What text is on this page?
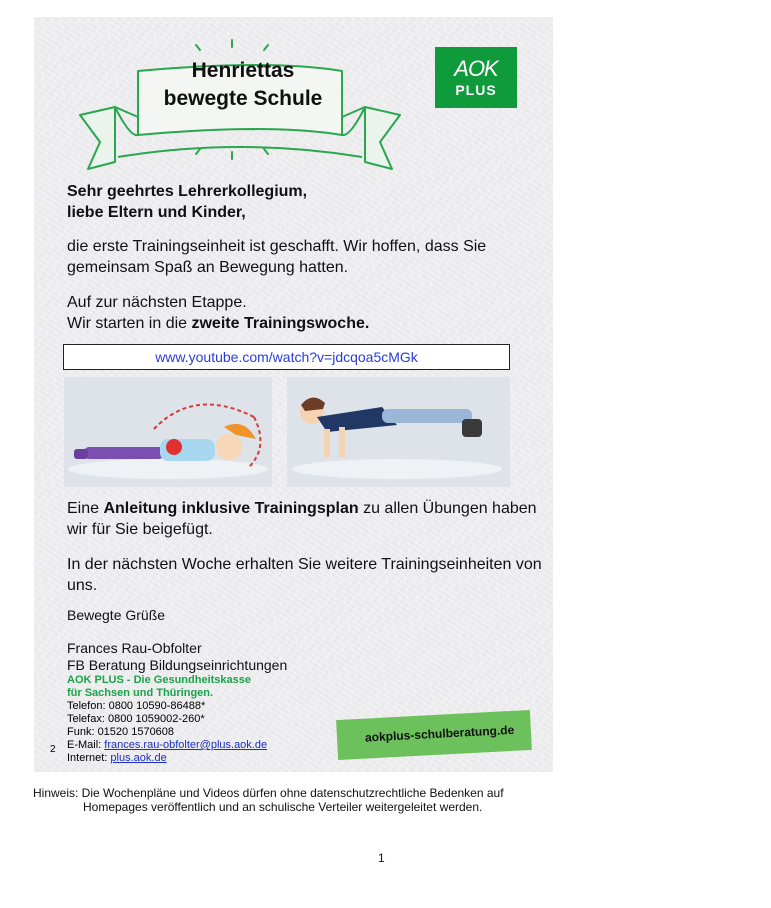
Henriettas
bewegte Schule
AOK
PLUS
Sehr geehrtes Lehrerkollegium,
liebe Eltern und Kinder,
die erste Trainingseinheit ist geschafft. Wir hoffen, dass Sie
gemeinsam Spaß an Bewegung hatten.
Auf zur nächsten Etappe.
Wir starten in die zweite Trainingswoche.
www.youtube.com/watch?v=jdcqoa5cMGk
Eine Anleitung inklusive Trainingsplan zu allen Übungen haben
wir für Sie beigefügt.
In der nächsten Woche erhalten Sie weitere Trainingseinheiten von
uns.
Bewegte Grüße
Frances Rau-Obfolter
FB Beratung Bildungseinrichtungen
AOK PLUS - Die Gesundheitskasse
für Sachsen und Thüringen.
Telefon: 0800 10590-86488*
Telefax: 0800 1059002-260*
Funk: 01520 1570608
E-Mail: frances.rau-obfolter@plus.aok.de
Internet: plus.aok.de
2
aokplus-schulberatung.de
Hinweis: Die Wochenpläne und Videos dürfen ohne datenschutzrechtliche Bedenken auf
Homepages veröffentlich und an schulische Verteiler weitergeleitet werden.
1
